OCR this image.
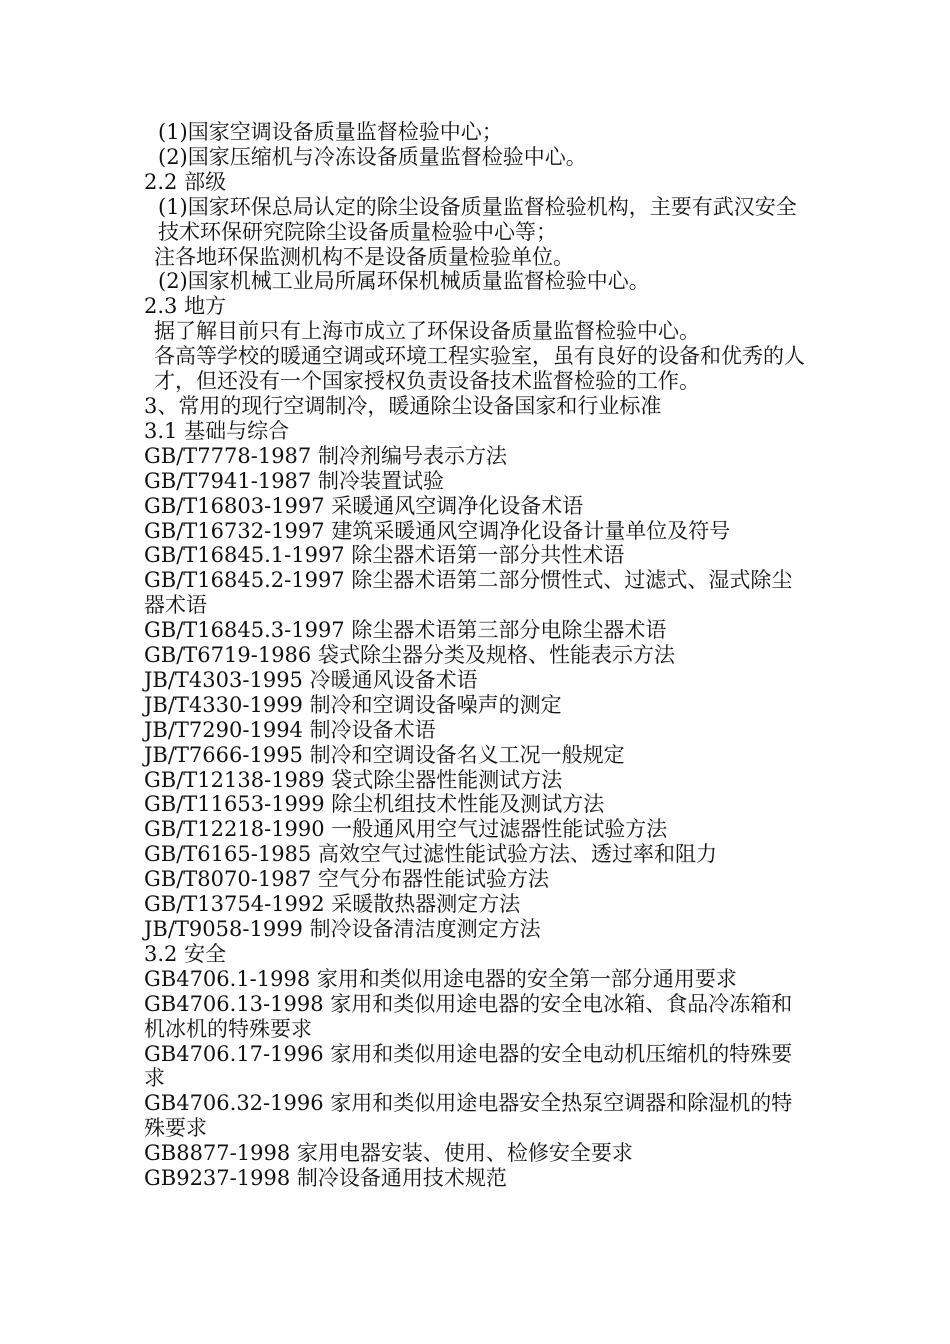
(1)国家空调设备质量监督检验中心；

(2)国家压缩机与冷冻设备质量监督检验中心。

2.2 部级

(1)国家环保总局认定的除尘设备质量监督检验机构，主要有武汉安全技术环保研究院除尘设备质量检验中心等；

注各地环保监测机构不是设备质量检验单位。

(2)国家机械工业局所属环保机械质量监督检验中心。

2.3 地方

据了解目前只有上海市成立了环保设备质量监督检验中心。

各高等学校的暖通空调或环境工程实验室，虽有良好的设备和优秀的人才，但还没有一个国家授权负责设备技术监督检验的工作。

3、常用的现行空调制冷，暖通除尘设备国家和行业标准

3.1 基础与综合

GB/T7778-1987 制冷剂编号表示方法

GB/T7941-1987 制冷装置试验

GB/T16803-1997 采暖通风空调净化设备术语

GB/T16732-1997 建筑采暖通风空调净化设备计量单位及符号

GB/T16845.1-1997 除尘器术语第一部分共性术语

GB/T16845.2-1997 除尘器术语第二部分惯性式、过滤式、湿式除尘器术语

GB/T16845.3-1997 除尘器术语第三部分电除尘器术语

GB/T6719-1986 袋式除尘器分类及规格、性能表示方法

JB/T4303-1995 冷暖通风设备术语

JB/T4330-1999 制冷和空调设备噪声的测定

JB/T7290-1994 制冷设备术语

JB/T7666-1995 制冷和空调设备名义工况一般规定

GB/T12138-1989 袋式除尘器性能测试方法

GB/T11653-1999 除尘机组技术性能及测试方法

GB/T12218-1990 一般通风用空气过滤器性能试验方法

GB/T6165-1985 高效空气过滤性能试验方法、透过率和阻力

GB/T8070-1987 空气分布器性能试验方法

GB/T13754-1992 采暖散热器测定方法

JB/T9058-1999 制冷设备清洁度测定方法

3.2 安全

GB4706.1-1998 家用和类似用途电器的安全第一部分通用要求

GB4706.13-1998 家用和类似用途电器的安全电冰箱、食品冷冻箱和机冰机的特殊要求

GB4706.17-1996 家用和类似用途电器的安全电动机压缩机的特殊要求

GB4706.32-1996 家用和类似用途电器安全热泵空调器和除湿机的特殊要求

GB8877-1998 家用电器安装、使用、检修安全要求

GB9237-1998 制冷设备通用技术规范
